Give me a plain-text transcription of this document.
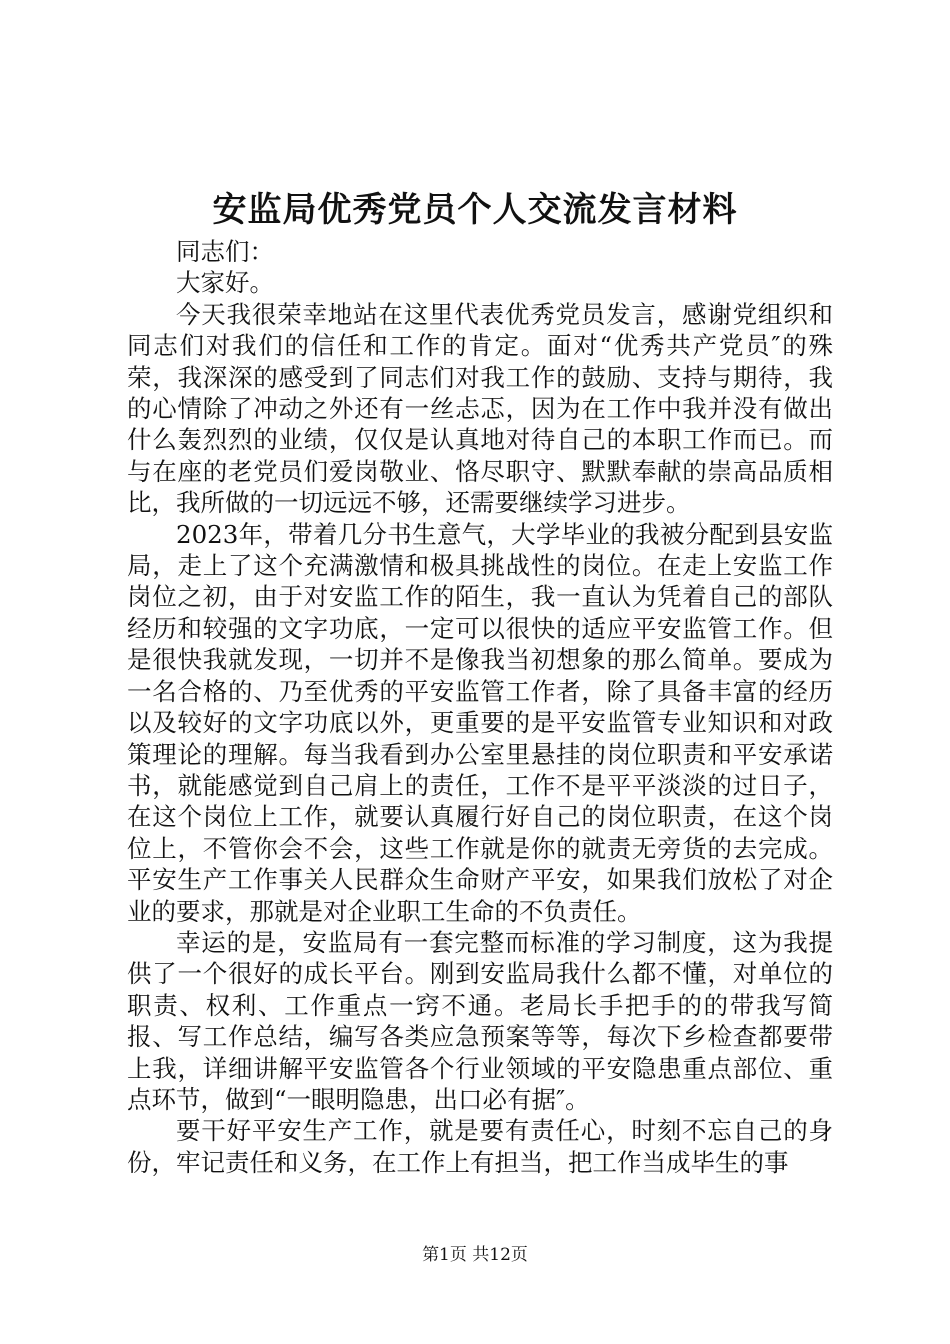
安监局优秀党员个人交流发言材料

同志们：

大家好。

今天我很荣幸地站在这里代表优秀党员发言，感谢党组织和同志们对我们的信任和工作的肯定。面对“优秀共产党员″的殊荣，我深深的感受到了同志们对我工作的鼓励、支持与期待，我的心情除了冲动之外还有一丝忐忑，因为在工作中我并没有做出什么轰烈烈的业绩，仅仅是认真地对待自己的本职工作而已。而与在座的老党员们爱岗敬业、恪尽职守、默默奉献的崇高品质相比，我所做的一切远远不够，还需要继续学习进步。

2023年，带着几分书生意气，大学毕业的我被分配到县安监局，走上了这个充满激情和极具挑战性的岗位。在走上安监工作岗位之初，由于对安监工作的陌生，我一直认为凭着自己的部队经历和较强的文字功底，一定可以很快的适应平安监管工作。但是很快我就发现，一切并不是像我当初想象的那么简单。要成为一名合格的、乃至优秀的平安监管工作者，除了具备丰富的经历以及较好的文字功底以外，更重要的是平安监管专业知识和对政策理论的理解。每当我看到办公室里悬挂的岗位职责和平安承诺书，就能感觉到自己肩上的责任，工作不是平平淡淡的过日子，在这个岗位上工作，就要认真履行好自己的岗位职责，在这个岗位上，不管你会不会，这些工作就是你的就责无旁货的去完成。平安生产工作事关人民群众生命财产平安，如果我们放松了对企业的要求，那就是对企业职工生命的不负责任。

幸运的是，安监局有一套完整而标准的学习制度，这为我提供了一个很好的成长平台。刚到安监局我什么都不懂，对单位的职责、权利、工作重点一窍不通。老局长手把手的的带我写简报、写工作总结，编写各类应急预案等等，每次下乡检查都要带上我，详细讲解平安监管各个行业领域的平安隐患重点部位、重点环节，做到“一眼明隐患，出口必有据″。

要干好平安生产工作，就是要有责任心，时刻不忘自己的身份，牢记责任和义务，在工作上有担当，把工作当成毕生的事

第1页 共12页
